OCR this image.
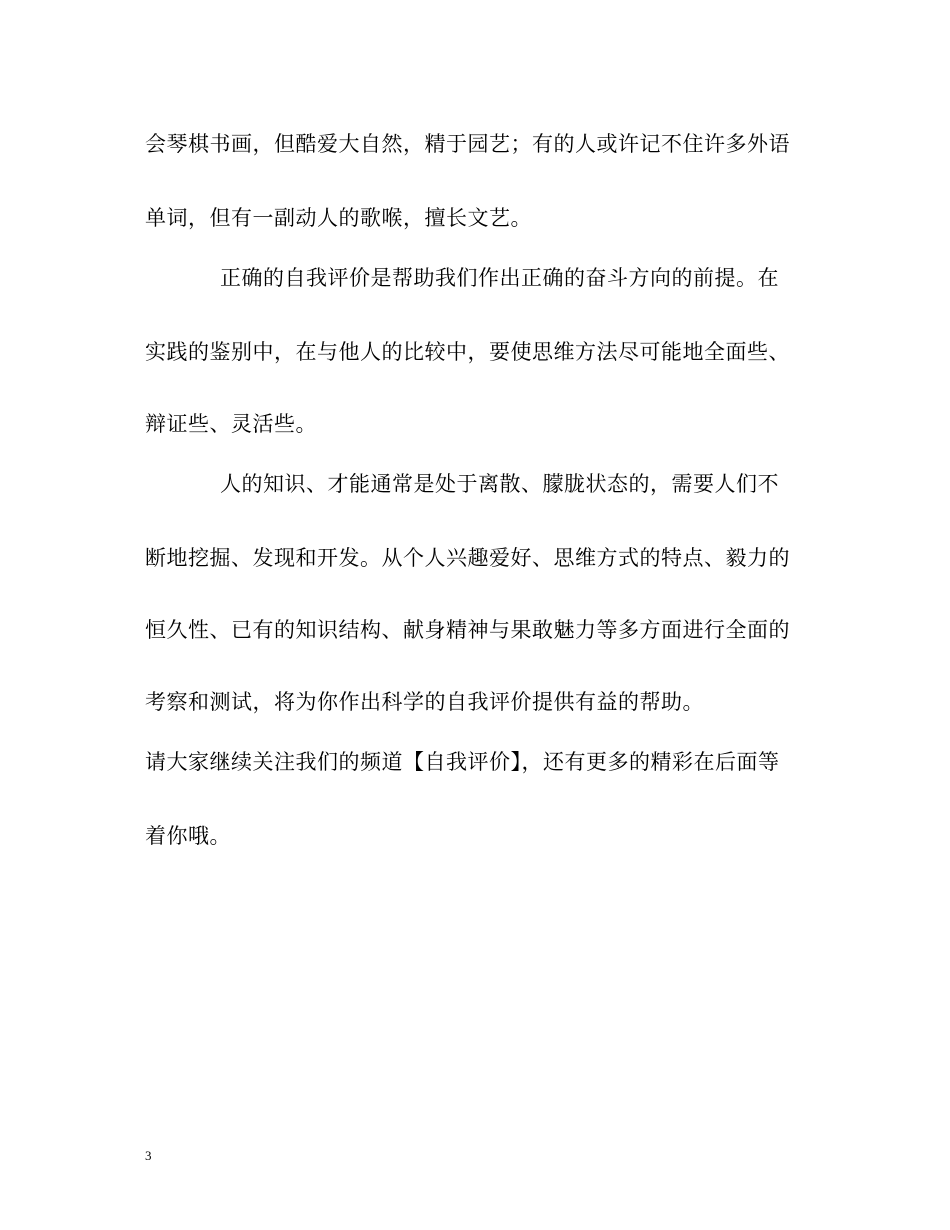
会琴棋书画，但酷爱大自然，精于园艺；有的人或许记不住许多外语
单词，但有一副动人的歌喉，擅长文艺。
正确的自我评价是帮助我们作出正确的奋斗方向的前提。在
实践的鉴别中，在与他人的比较中，要使思维方法尽可能地全面些、
辩证些、灵活些。
人的知识、才能通常是处于离散、朦胧状态的，需要人们不
断地挖掘、发现和开发。从个人兴趣爱好、思维方式的特点、毅力的
恒久性、已有的知识结构、献身精神与果敢魅力等多方面进行全面的
考察和测试，将为你作出科学的自我评价提供有益的帮助。
请大家继续关注我们的频道【自我评价】，还有更多的精彩在后面等
着你哦。
3
